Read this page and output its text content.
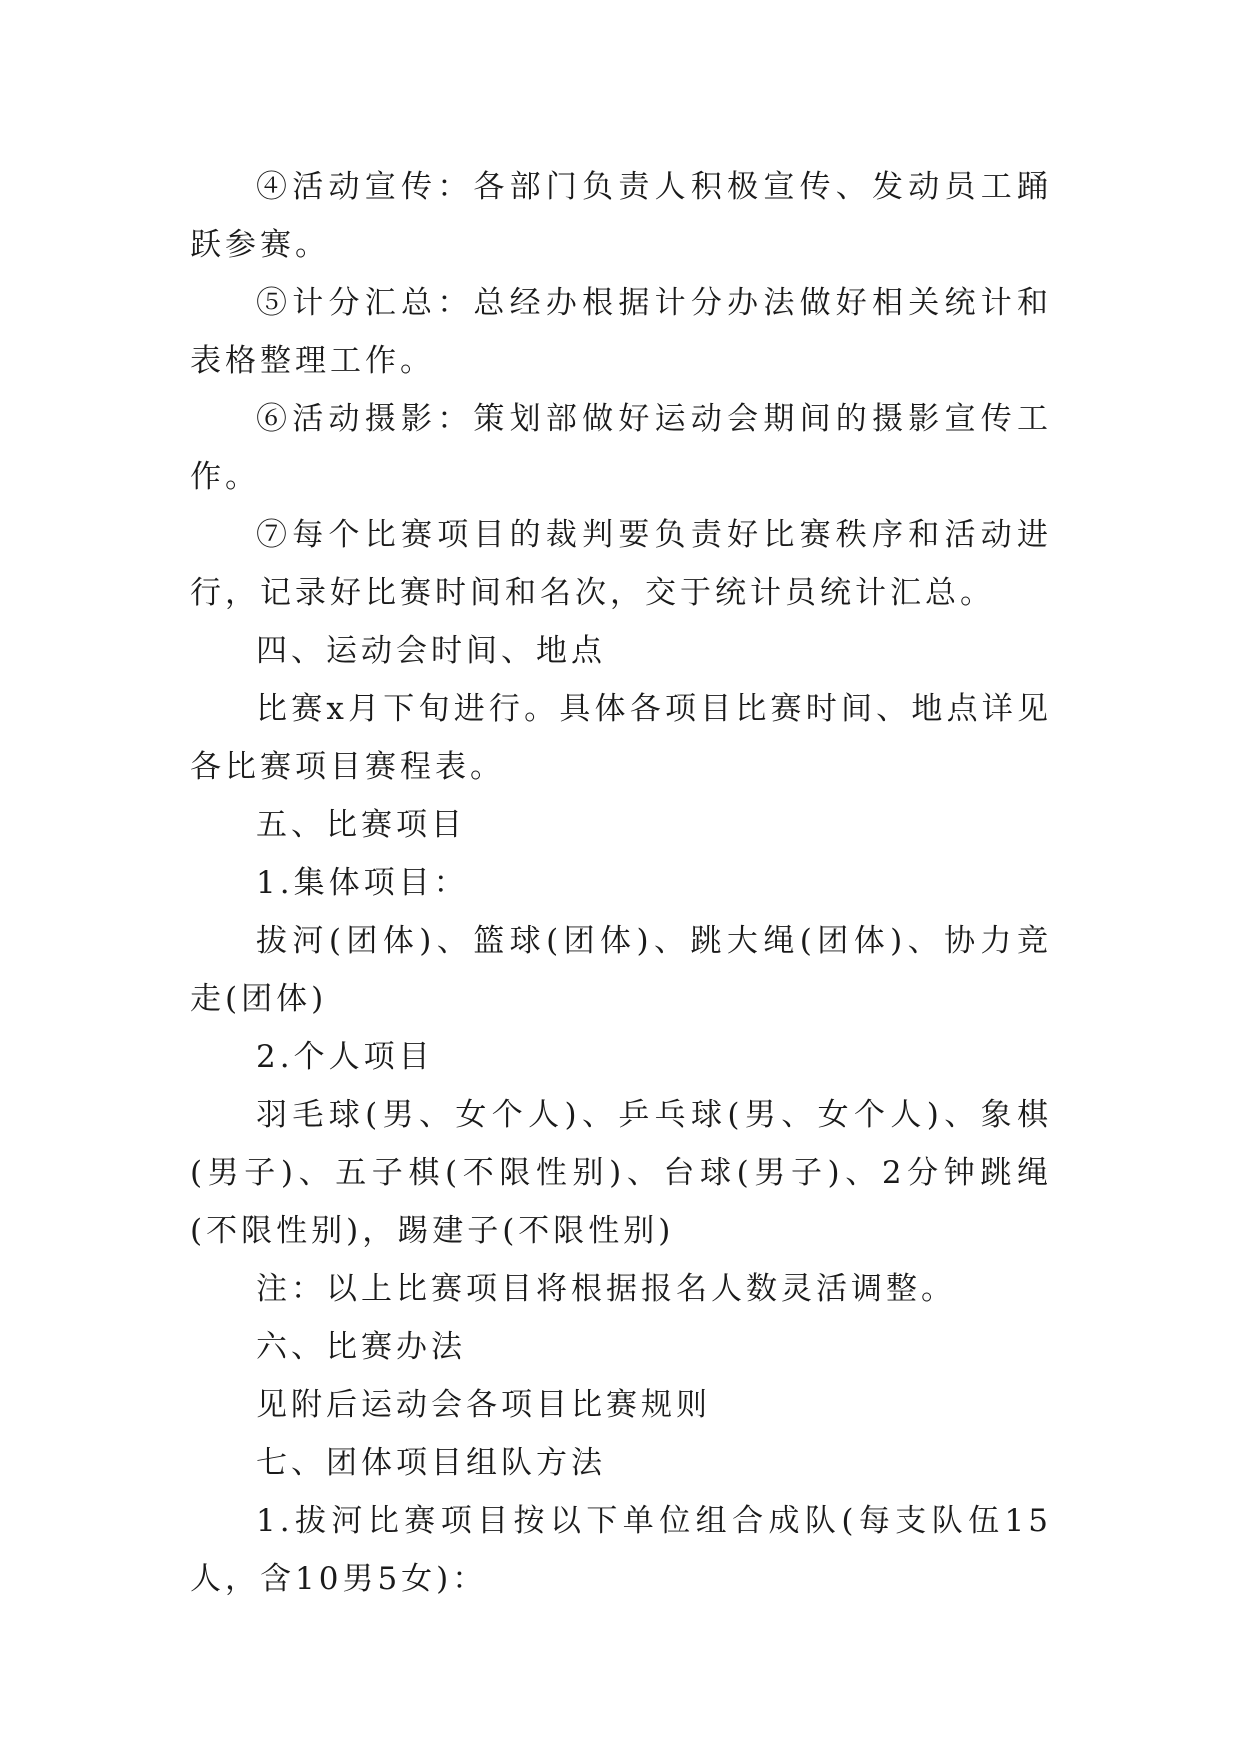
④活动宣传：各部门负责人积极宣传、发动员工踊跃参赛。

⑤计分汇总：总经办根据计分办法做好相关统计和表格整理工作。

⑥活动摄影：策划部做好运动会期间的摄影宣传工作。

⑦每个比赛项目的裁判要负责好比赛秩序和活动进行，记录好比赛时间和名次，交于统计员统计汇总。

四、运动会时间、地点

比赛x月下旬进行。具体各项目比赛时间、地点详见各比赛项目赛程表。

五、比赛项目

1.集体项目：

拔河(团体)、篮球(团体)、跳大绳(团体)、协力竞走(团体)

2.个人项目

羽毛球(男、女个人)、乒乓球(男、女个人)、象棋(男子)、五子棋(不限性别)、台球(男子)、2分钟跳绳(不限性别)，踢建子(不限性别)

注：以上比赛项目将根据报名人数灵活调整。

六、比赛办法

见附后运动会各项目比赛规则

七、团体项目组队方法

1.拔河比赛项目按以下单位组合成队(每支队伍15人，含10男5女)：
